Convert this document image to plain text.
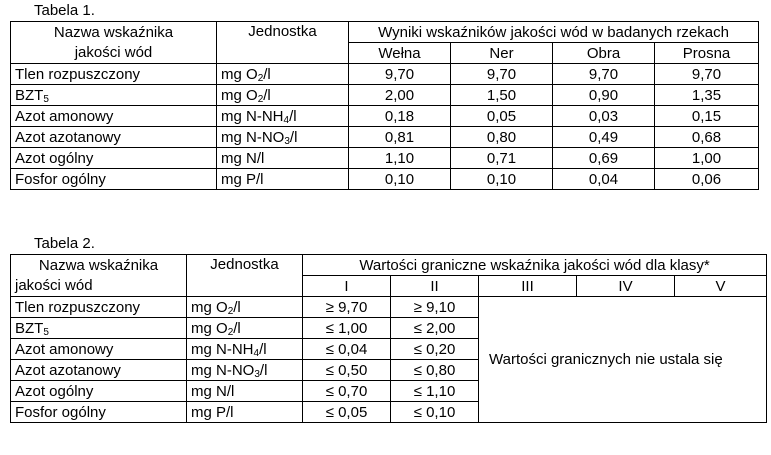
Tabela 1.
Nazwa wskaźnika	Jednostka	Wyniki wskaźników jakości wód w badanych rzekach			
jakości wód		Wełna	Ner	Obra	Prosna
Tlen rozpuszczony	mg $O_2/l$	9,70	9,70	9,70	9,70
$BZT_5$	mg $O_2/l$	2,00	1,50	0,90	1,35
Azot amonowy	mg $N-NH_4/l$	0,18	0,05	0,03	0,15
Azot azotanowy	mg $N-NO_3/l$	0,81	0,80	0,49	0,68
Azot ogólny	mg N/l	1,10	0,71	0,69	1,00
Fosfor ogólny	mg P/l	0,10	0,10	0,04	0,06
Tabela 2.
Nazwa wskaźnika	Jednostka	Wartości graniczne wskaźnika jakości wód dla klasy*				
jakości wód		I	II	III	IV	V
Tlen rozpuszczony	mg $O_2/l$	≥ 9,70	≥ 9,10	Wartości granicznych nie ustala się		
$BZT_5$	mg $O_2/l$	≤ 1,00	≤ 2,00			
Azot amonowy	mg $N-NH_4/l$	≤ 0,04	≤ 0,20			
Azot azotanowy	mg $N-NO_3/l$	≤ 0,50	≤ 0,80			
Azot ogólny	mg N/l	≤ 0,70	≤ 1,10			
Fosfor ogólny	mg P/l	≤ 0,05	≤ 0,10			
